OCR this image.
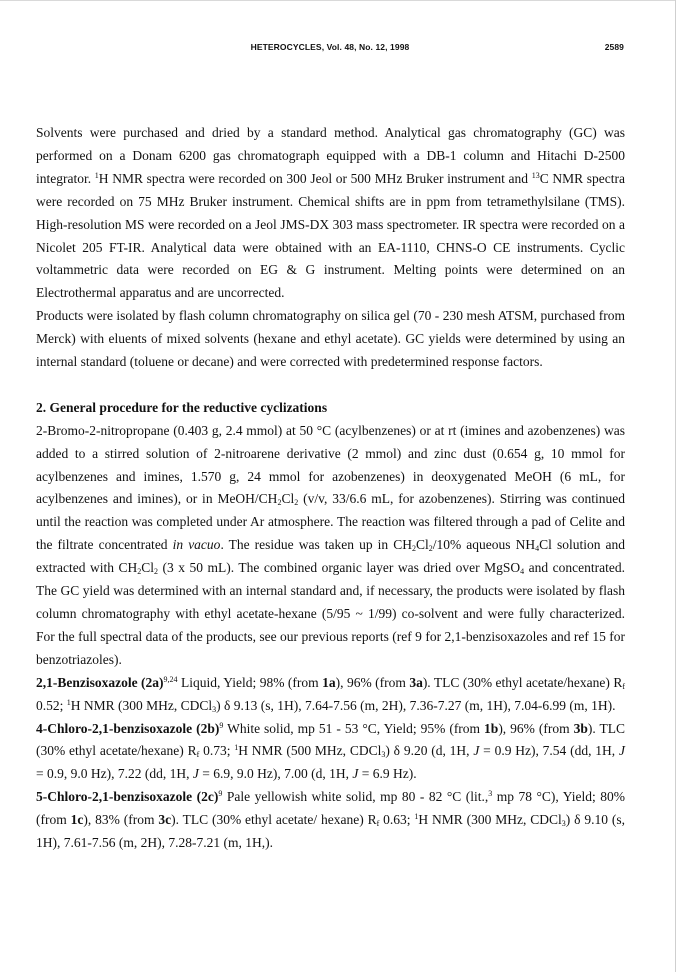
HETEROCYCLES, Vol. 48, No. 12, 1998	2589

Solvents were purchased and dried by a standard method. Analytical gas chromatography (GC) was performed on a Donam 6200 gas chromatograph equipped with a DB-1 column and Hitachi D-2500 integrator. $^1$H NMR spectra were recorded on 300 Jeol or 500 MHz Bruker instrument and $^{13}$C NMR spectra were recorded on 75 MHz Bruker instrument. Chemical shifts are in ppm from tetramethylsilane (TMS). High-resolution MS were recorded on a Jeol JMS-DX 303 mass spectrometer. IR spectra were recorded on a Nicolet 205 FT-IR. Analytical data were obtained with an EA-1110, CHNS-O CE instruments. Cyclic voltammetric data were recorded on EG & G instrument. Melting points were determined on an Electrothermal apparatus and are uncorrected.

Products were isolated by flash column chromatography on silica gel (70 - 230 mesh ATSM, purchased from Merck) with eluents of mixed solvents (hexane and ethyl acetate). GC yields were determined by using an internal standard (toluene or decane) and were corrected with predetermined response factors.

2. General procedure for the reductive cyclizations

2-Bromo-2-nitropropane (0.403 g, 2.4 mmol) at 50 °C (acylbenzenes) or at rt (imines and azobenzenes) was added to a stirred solution of 2-nitroarene derivative (2 mmol) and zinc dust (0.654 g, 10 mmol for acylbenzenes and imines, 1.570 g, 24 mmol for azobenzenes) in deoxygenated MeOH (6 mL, for acylbenzenes and imines), or in MeOH/$CH_2Cl_2$ (v/v, 33/6.6 mL, for azobenzenes). Stirring was continued until the reaction was completed under Ar atmosphere. The reaction was filtered through a pad of Celite and the filtrate concentrated in vacuo. The residue was taken up in $CH_2Cl_2/10\%$ aqueous $NH_4Cl$ solution and extracted with $CH_2Cl_2$ (3 x 50 mL). The combined organic layer was dried over MgSO$_4$ and concentrated. The GC yield was determined with an internal standard and, if necessary, the products were isolated by flash column chromatography with ethyl acetate-hexane (5/95 ~ 1/99) co-solvent and were fully characterized. For the full spectral data of the products, see our previous reports (ref 9 for 2,1-benzisoxazoles and ref 15 for benzotriazoles).

2,1-Benzisoxazole $(2a)^{9,24}$ Liquid, Yield; 98% (from 1a), 96% (from 3a). TLC (30% ethyl acetate/hexane) $R_f$ 0.52; $^1$H NMR (300 MHz, CDCl$_3$) δ 9.13 (s, 1H), 7.64-7.56 (m, 2H), 7.36-7.27 (m, 1H), 7.04-6.99 (m, 1H).

4-Chloro-2,1-benzisoxazole $(2b)^9$ White solid, mp 51 - 53 °C, Yield; 95% (from 1b), 96% (from 3b). TLC (30% ethyl acetate/hexane) $R_f$ 0.73; $^1$H NMR (500 MHz, CDCl$_3$) δ 9.20 (d, 1H, J = 0.9 Hz), 7.54 (dd, 1H, J = 0.9, 9.0 Hz), 7.22 (dd, 1H, J = 6.9, 9.0 Hz), 7.00 (d, 1H, J = 6.9 Hz).

5-Chloro-2,1-benzisoxazole $(2c)^9$ Pale yellowish white solid, mp 80 - 82 °C (lit.,$^3$ mp 78 °C), Yield; 80% (from 1c), 83% (from 3c). TLC (30% ethyl acetate/ hexane) $R_f$ 0.63; $^1$H NMR (300 MHz, CDCl$_3$) δ 9.10 (s, 1H), 7.61-7.56 (m, 2H), 7.28-7.21 (m, 1H,).
